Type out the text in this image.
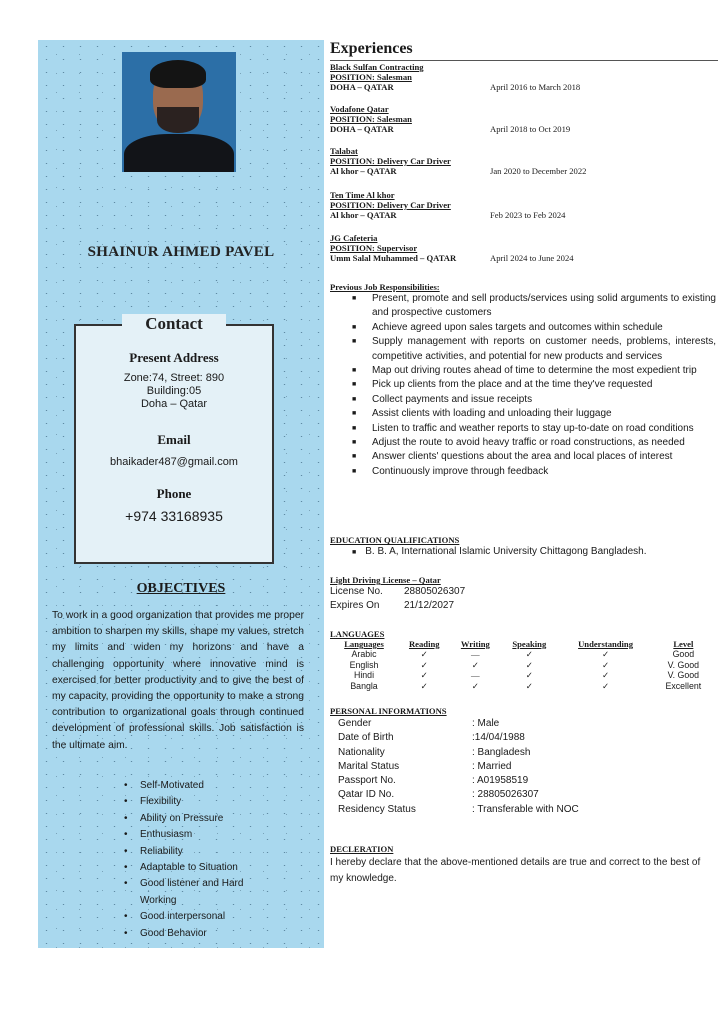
SHAINUR AHMED PAVEL
Contact
Present Address
Zone:74, Street: 890
Building:05
Doha – Qatar
Email
bhaikader487@gmail.com
Phone
+974 33168935
OBJECTIVES
To work in a good organization that provides me proper ambition to sharpen my skills, shape my values, stretch my limits and widen my horizons and have a challenging opportunity where innovative mind is exercised for better productivity and to give the best of my capacity, providing the opportunity to make a strong contribution to organizational goals through continued development of professional skills. Job satisfaction is the ultimate aim.
• Self-Motivated
• Flexibility
• Ability on Pressure
• Enthusiasm
• Reliability
• Adaptable to Situation
• Good listener and Hard Working
• Good interpersonal
• Good Behavior
Experiences
Black Sulfan Contracting
POSITION: Salesman
DOHA – QATAR	April 2016 to March 2018
Vodafone Qatar
POSITION: Salesman
DOHA – QATAR	April 2018 to Oct 2019
Talabat
POSITION: Delivery Car Driver
Al khor – QATAR	Jan 2020 to December 2022
Ten Time Al khor
POSITION: Delivery Car Driver
Al khor – QATAR	Feb 2023 to Feb 2024
JG Cafeteria
POSITION: Supervisor
Umm Salal Muhammed – QATAR	April 2024 to June 2024
Previous Job Responsibilities:
■ Present, promote and sell products/services using solid arguments to existing and prospective customers
■ Achieve agreed upon sales targets and outcomes within schedule
■ Supply management with reports on customer needs, problems, interests, competitive activities, and potential for new products and services
■ Map out driving routes ahead of time to determine the most expedient trip
■ Pick up clients from the place and at the time they've requested
■ Collect payments and issue receipts
■ Assist clients with loading and unloading their luggage
■ Listen to traffic and weather reports to stay up-to-date on road conditions
■ Adjust the route to avoid heavy traffic or road constructions, as needed
■ Answer clients' questions about the area and local places of interest
■ Continuously improve through feedback
EDUCATION QUALIFICATIONS
■ B. B. A, International Islamic University Chittagong Bangladesh.
Light Driving License – Qatar
License No. 28805026307
Expires On 21/12/2027
LANGUAGES
Languages	Reading	Writing	Speaking	Understanding	Level
Arabic	✓	—	✓	✓	Good
English	✓	✓	✓	✓	V. Good
Hindi	✓	—	✓	✓	V. Good
Bangla	✓	✓	✓	✓	Excellent
PERSONAL INFORMATIONS
Gender	: Male
Date of Birth	:14/04/1988
Nationality	: Bangladesh
Marital Status	: Married
Passport No.	: A01958519
Qatar ID No.	: 28805026307
Residency Status	: Transferable with NOC
DECLERATION
I hereby declare that the above-mentioned details are true and correct to the best of my knowledge.
